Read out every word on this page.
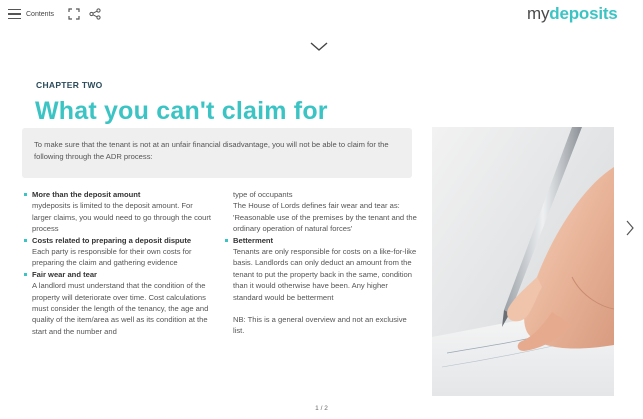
Contents	mydeposits
CHAPTER TWO
What you can't claim for
To make sure that the tenant is not at an unfair financial disadvantage, you will not be able to claim for the following through the ADR process:
More than the deposit amount
mydeposits is limited to the deposit amount. For larger claims, you would need to go through the court process
Costs related to preparing a deposit dispute
Each party is responsible for their own costs for preparing the claim and gathering evidence
Fair wear and tear
A landlord must understand that the condition of the property will deteriorate over time. Cost calculations must consider the length of the tenancy, the age and quality of the item/area as well as its condition at the start and the number and
type of occupants
The House of Lords defines fair wear and tear as: 'Reasonable use of the premises by the tenant and the ordinary operation of natural forces'
Betterment
Tenants are only responsible for costs on a like-for-like basis. Landlords can only deduct an amount from the tenant to put the property back in the same, condition than it would otherwise have been. Any higher standard would be betterment
NB: This is a general overview and not an exclusive list.
1 / 2
